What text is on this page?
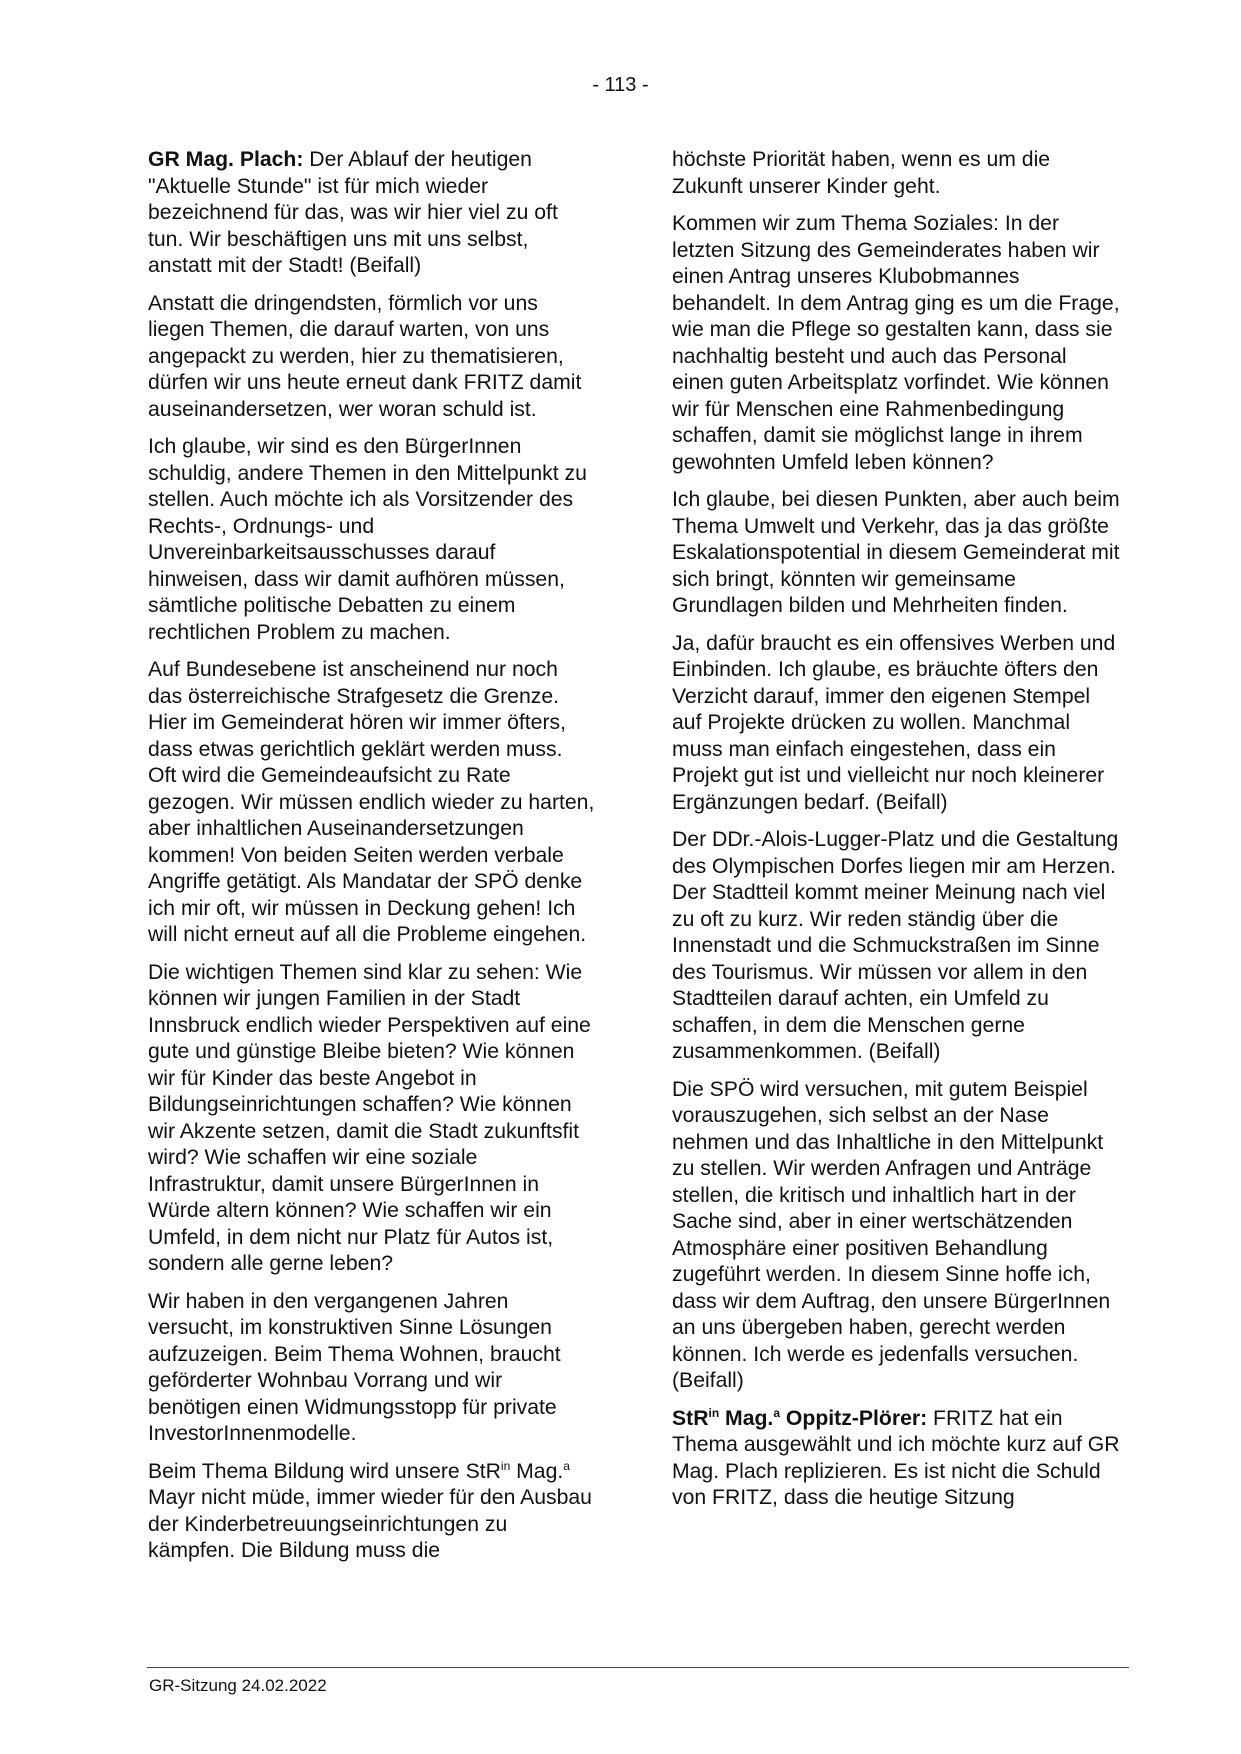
- 113 -

GR Mag. Plach: Der Ablauf der heutigen "Aktuelle Stunde" ist für mich wieder bezeichnend für das, was wir hier viel zu oft tun. Wir beschäftigen uns mit uns selbst, anstatt mit der Stadt! (Beifall)

Anstatt die dringendsten, förmlich vor uns liegen Themen, die darauf warten, von uns angepackt zu werden, hier zu thematisieren, dürfen wir uns heute erneut dank FRITZ damit auseinandersetzen, wer woran schuld ist.

Ich glaube, wir sind es den BürgerInnen schuldig, andere Themen in den Mittelpunkt zu stellen. Auch möchte ich als Vorsitzender des Rechts-, Ordnungs- und Unvereinbarkeitsausschusses darauf hinweisen, dass wir damit aufhören müssen, sämtliche politische Debatten zu einem rechtlichen Problem zu machen.

Auf Bundesebene ist anscheinend nur noch das österreichische Strafgesetz die Grenze. Hier im Gemeinderat hören wir immer öfters, dass etwas gerichtlich geklärt werden muss. Oft wird die Gemeindeaufsicht zu Rate gezogen. Wir müssen endlich wieder zu harten, aber inhaltlichen Auseinandersetzungen kommen! Von beiden Seiten werden verbale Angriffe getätigt. Als Mandatar der SPÖ denke ich mir oft, wir müssen in Deckung gehen! Ich will nicht erneut auf all die Probleme eingehen.

Die wichtigen Themen sind klar zu sehen: Wie können wir jungen Familien in der Stadt Innsbruck endlich wieder Perspektiven auf eine gute und günstige Bleibe bieten? Wie können wir für Kinder das beste Angebot in Bildungseinrichtungen schaffen? Wie können wir Akzente setzen, damit die Stadt zukunftsfit wird? Wie schaffen wir eine soziale Infrastruktur, damit unsere BürgerInnen in Würde altern können? Wie schaffen wir ein Umfeld, in dem nicht nur Platz für Autos ist, sondern alle gerne leben?

Wir haben in den vergangenen Jahren versucht, im konstruktiven Sinne Lösungen aufzuzeigen. Beim Thema Wohnen, braucht geförderter Wohnbau Vorrang und wir benötigen einen Widmungsstopp für private InvestorInnenmodelle.

Beim Thema Bildung wird unsere StR$^{in}$ Mag.$^a$ Mayr nicht müde, immer wieder für den Ausbau der Kinderbetreuungseinrichtungen zu kämpfen. Die Bildung muss die

höchste Priorität haben, wenn es um die Zukunft unserer Kinder geht.

Kommen wir zum Thema Soziales: In der letzten Sitzung des Gemeinderates haben wir einen Antrag unseres Klubobmannes behandelt. In dem Antrag ging es um die Frage, wie man die Pflege so gestalten kann, dass sie nachhaltig besteht und auch das Personal einen guten Arbeitsplatz vorfindet. Wie können wir für Menschen eine Rahmenbedingung schaffen, damit sie möglichst lange in ihrem gewohnten Umfeld leben können?

Ich glaube, bei diesen Punkten, aber auch beim Thema Umwelt und Verkehr, das ja das größte Eskalationspotential in diesem Gemeinderat mit sich bringt, könnten wir gemeinsame Grundlagen bilden und Mehrheiten finden.

Ja, dafür braucht es ein offensives Werben und Einbinden. Ich glaube, es bräuchte öfters den Verzicht darauf, immer den eigenen Stempel auf Projekte drücken zu wollen. Manchmal muss man einfach eingestehen, dass ein Projekt gut ist und vielleicht nur noch kleinerer Ergänzungen bedarf. (Beifall)

Der DDr.-Alois-Lugger-Platz und die Gestaltung des Olympischen Dorfes liegen mir am Herzen. Der Stadtteil kommt meiner Meinung nach viel zu oft zu kurz. Wir reden ständig über die Innenstadt und die Schmuckstraßen im Sinne des Tourismus. Wir müssen vor allem in den Stadtteilen darauf achten, ein Umfeld zu schaffen, in dem die Menschen gerne zusammenkommen. (Beifall)

Die SPÖ wird versuchen, mit gutem Beispiel vorauszugehen, sich selbst an der Nase nehmen und das Inhaltliche in den Mittelpunkt zu stellen. Wir werden Anfragen und Anträge stellen, die kritisch und inhaltlich hart in der Sache sind, aber in einer wertschätzenden Atmosphäre einer positiven Behandlung zugeführt werden. In diesem Sinne hoffe ich, dass wir dem Auftrag, den unsere BürgerInnen an uns übergeben haben, gerecht werden können. Ich werde es jedenfalls versuchen. (Beifall)

StR$^{in}$ Mag.$^a$ Oppitz-Plörer: FRITZ hat ein Thema ausgewählt und ich möchte kurz auf GR Mag. Plach replizieren. Es ist nicht die Schuld von FRITZ, dass die heutige Sitzung

GR-Sitzung 24.02.2022
